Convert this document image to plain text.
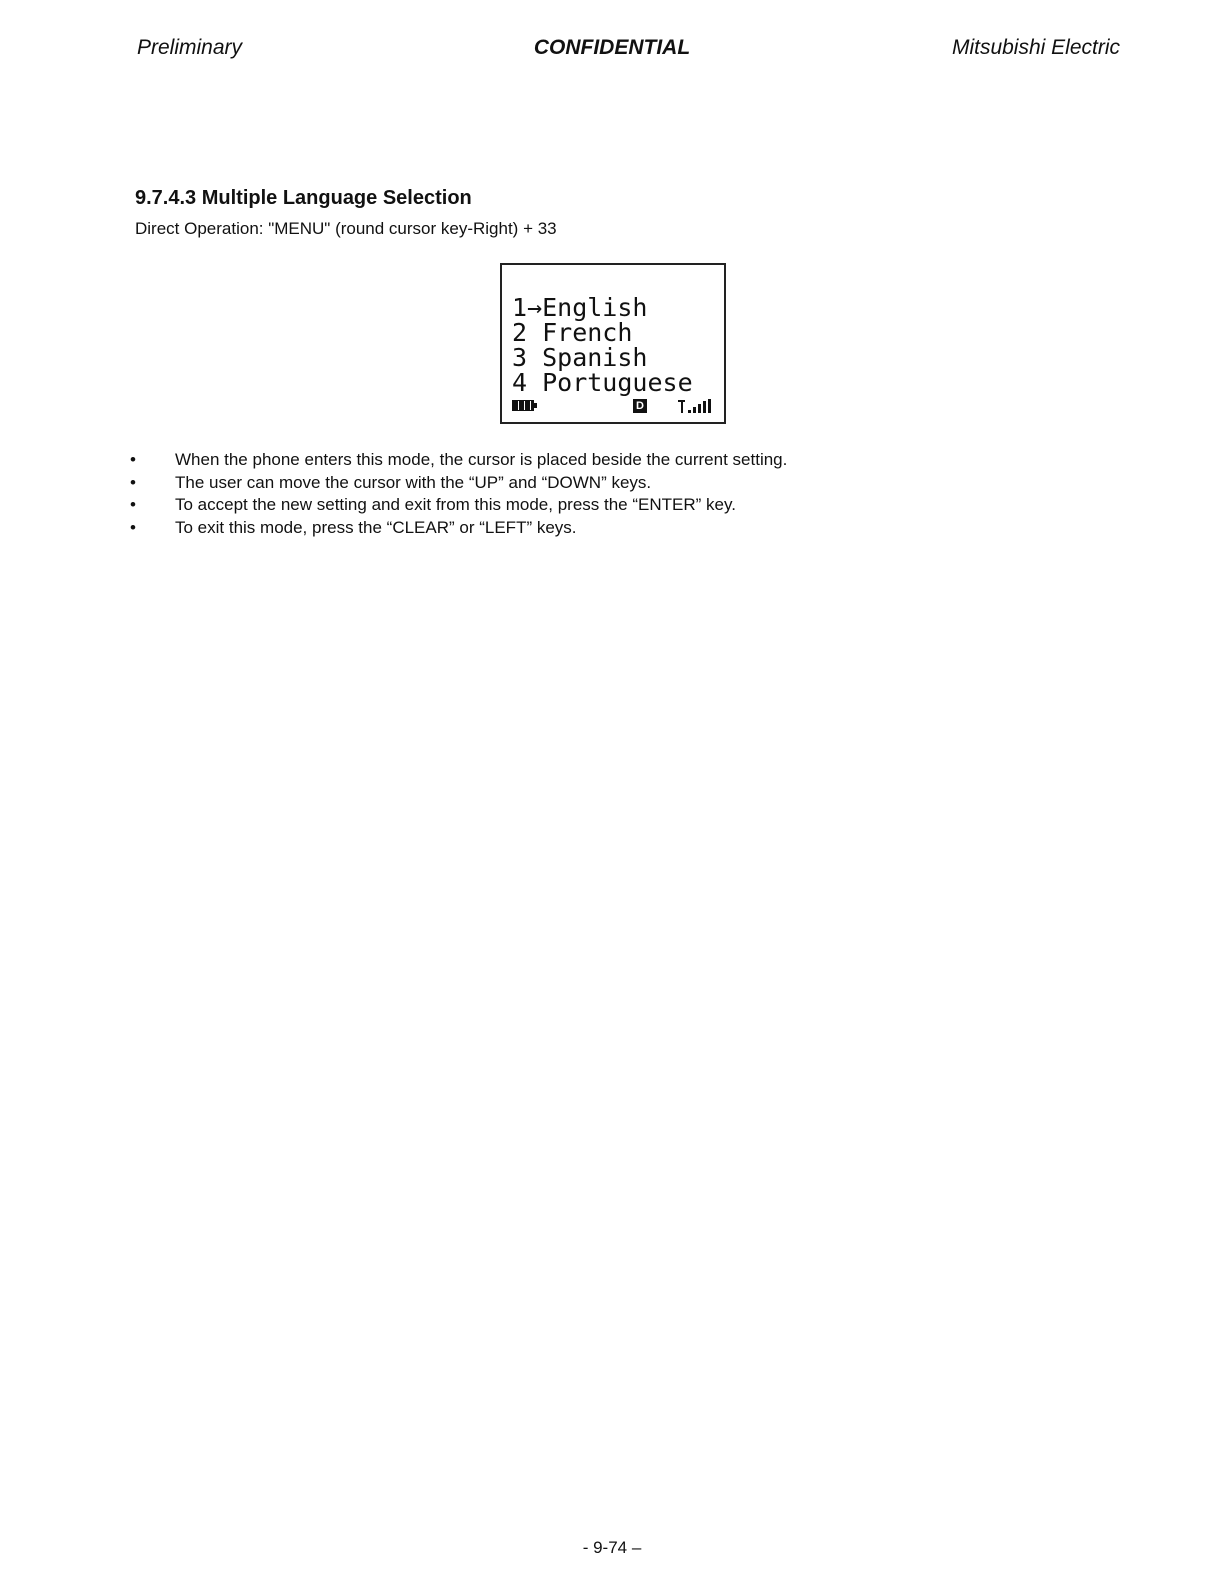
Preliminary	CONFIDENTIAL	Mitsubishi Electric
9.7.4.3 Multiple Language Selection
Direct Operation: "MENU" (round cursor key-Right) + 33
1→English
2 French
3 Spanish
4 Portuguese
D
• When the phone enters this mode, the cursor is placed beside the current setting.
• The user can move the cursor with the “UP” and “DOWN” keys.
• To accept the new setting and exit from this mode, press the “ENTER” key.
• To exit this mode, press the “CLEAR” or “LEFT” keys.
- 9-74 –
